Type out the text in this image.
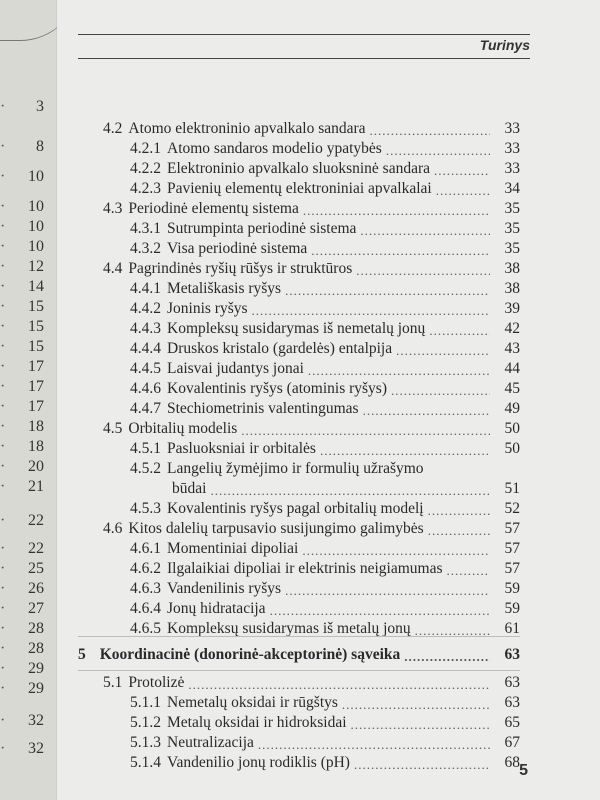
Turinys
· 3
· 8
· 10
· 10
· 10
· 10
· 12
· 14
· 15
· 15
· 15
· 17
· 17
· 17
· 18
· 18
· 20
· 21
· 22
· 22
· 25
· 26
· 27
· 28
· 28
· 29
· 29
· 32
· 32
4.2 Atomo elektroninio apvalkalo sandara .....	33
4.2.1 Atomo sandaros modelio ypatybės .....	33
4.2.2 Elektroninio apvalkalo sluoksninė sandara .....	33
4.2.3 Pavienių elementų elektroniniai apvalkalai .....	34
4.3 Periodinė elementų sistema .....	35
4.3.1 Sutrumpinta periodinė sistema .....	35
4.3.2 Visa periodinė sistema .....	35
4.4 Pagrindinės ryšių rūšys ir struktūros .....	38
4.4.1 Metališkasis ryšys .....	38
4.4.2 Joninis ryšys .....	39
4.4.3 Kompleksų susidarymas iš nemetalų jonų .....	42
4.4.4 Druskos kristalo (gardelės) entalpija .....	43
4.4.5 Laisvai judantys jonai .....	44
4.4.6 Kovalentinis ryšys (atominis ryšys) .....	45
4.4.7 Stechiometrinis valentingumas .....	49
4.5 Orbitalių modelis .....	50
4.5.1 Pasluoksniai ir orbitalės .....	50
4.5.2 Langelių žymėjimo ir formulių užrašymo
būdai .....	51
4.5.3 Kovalentinis ryšys pagal orbitalių modelį .....	52
4.6 Kitos dalelių tarpusavio susijungimo galimybės .....	57
4.6.1 Momentiniai dipoliai .....	57
4.6.2 Ilgalaikiai dipoliai ir elektrinis neigiamumas .....	57
4.6.3 Vandenilinis ryšys .....	59
4.6.4 Jonų hidratacija .....	59
4.6.5 Kompleksų susidarymas iš metalų jonų .....	61
5 Koordinacinė (donorinė-akceptorinė) sąveika .....	63
5.1 Protolizė .....	63
5.1.1 Nemetalų oksidai ir rūgštys .....	63
5.1.2 Metalų oksidai ir hidroksidai .....	65
5.1.3 Neutralizacija .....	67
5.1.4 Vandenilio jonų rodiklis (pH) .....	68 5
